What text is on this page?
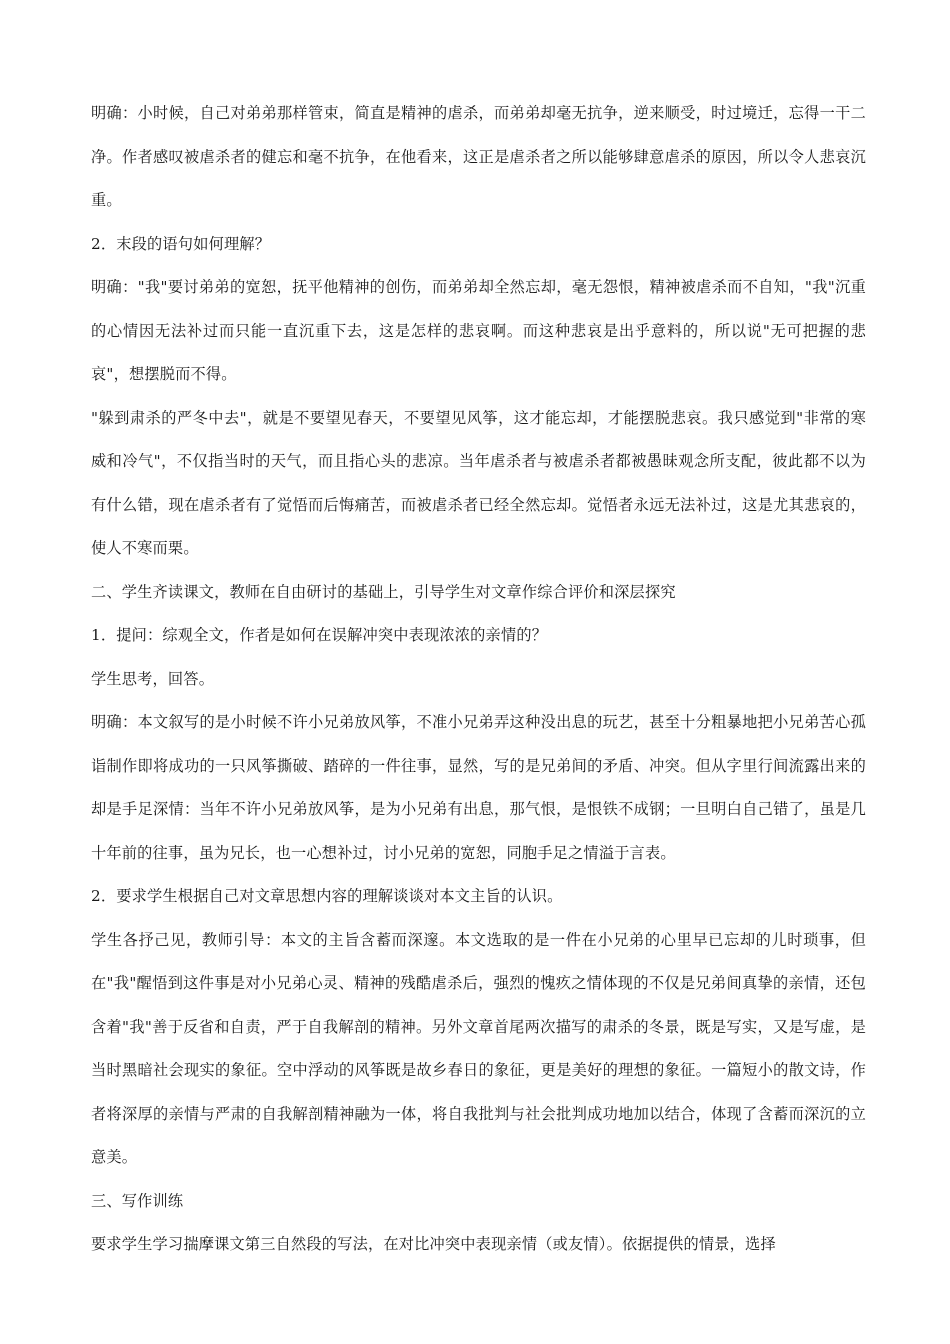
明确：小时候，自己对弟弟那样管束，简直是精神的虐杀，而弟弟却毫无抗争，逆来顺受，时过境迁，忘得一干二净。作者感叹被虐杀者的健忘和毫不抗争，在他看来，这正是虐杀者之所以能够肆意虐杀的原因，所以令人悲哀沉重。

2．末段的语句如何理解？

明确："我"要讨弟弟的宽恕，抚平他精神的创伤，而弟弟却全然忘却，毫无怨恨，精神被虐杀而不自知，"我"沉重的心情因无法补过而只能一直沉重下去，这是怎样的悲哀啊。而这种悲哀是出乎意料的，所以说"无可把握的悲哀"，想摆脱而不得。

"躲到肃杀的严冬中去"，就是不要望见春天，不要望见风筝，这才能忘却，才能摆脱悲哀。我只感觉到"非常的寒威和冷气"，不仅指当时的天气，而且指心头的悲凉。当年虐杀者与被虐杀者都被愚昧观念所支配，彼此都不以为有什么错，现在虐杀者有了觉悟而后悔痛苦，而被虐杀者已经全然忘却。觉悟者永远无法补过，这是尤其悲哀的，使人不寒而栗。

二、学生齐读课文，教师在自由研讨的基础上，引导学生对文章作综合评价和深层探究

1．提问：综观全文，作者是如何在误解冲突中表现浓浓的亲情的？

学生思考，回答。

明确：本文叙写的是小时候不许小兄弟放风筝，不准小兄弟弄这种没出息的玩艺，甚至十分粗暴地把小兄弟苦心孤诣制作即将成功的一只风筝撕破、踏碎的一件往事，显然，写的是兄弟间的矛盾、冲突。但从字里行间流露出来的却是手足深情：当年不许小兄弟放风筝，是为小兄弟有出息，那气恨，是恨铁不成钢；一旦明白自己错了，虽是几十年前的往事，虽为兄长，也一心想补过，讨小兄弟的宽恕，同胞手足之情溢于言表。

2．要求学生根据自己对文章思想内容的理解谈谈对本文主旨的认识。

学生各抒己见，教师引导：本文的主旨含蓄而深邃。本文选取的是一件在小兄弟的心里早已忘却的儿时琐事，但在"我"醒悟到这件事是对小兄弟心灵、精神的残酷虐杀后，强烈的愧疚之情体现的不仅是兄弟间真挚的亲情，还包含着"我"善于反省和自责，严于自我解剖的精神。另外文章首尾两次描写的肃杀的冬景，既是写实，又是写虚，是当时黑暗社会现实的象征。空中浮动的风筝既是故乡春日的象征，更是美好的理想的象征。一篇短小的散文诗，作者将深厚的亲情与严肃的自我解剖精神融为一体，将自我批判与社会批判成功地加以结合，体现了含蓄而深沉的立意美。

三、写作训练

要求学生学习揣摩课文第三自然段的写法，在对比冲突中表现亲情（或友情）。依据提供的情景，选择
